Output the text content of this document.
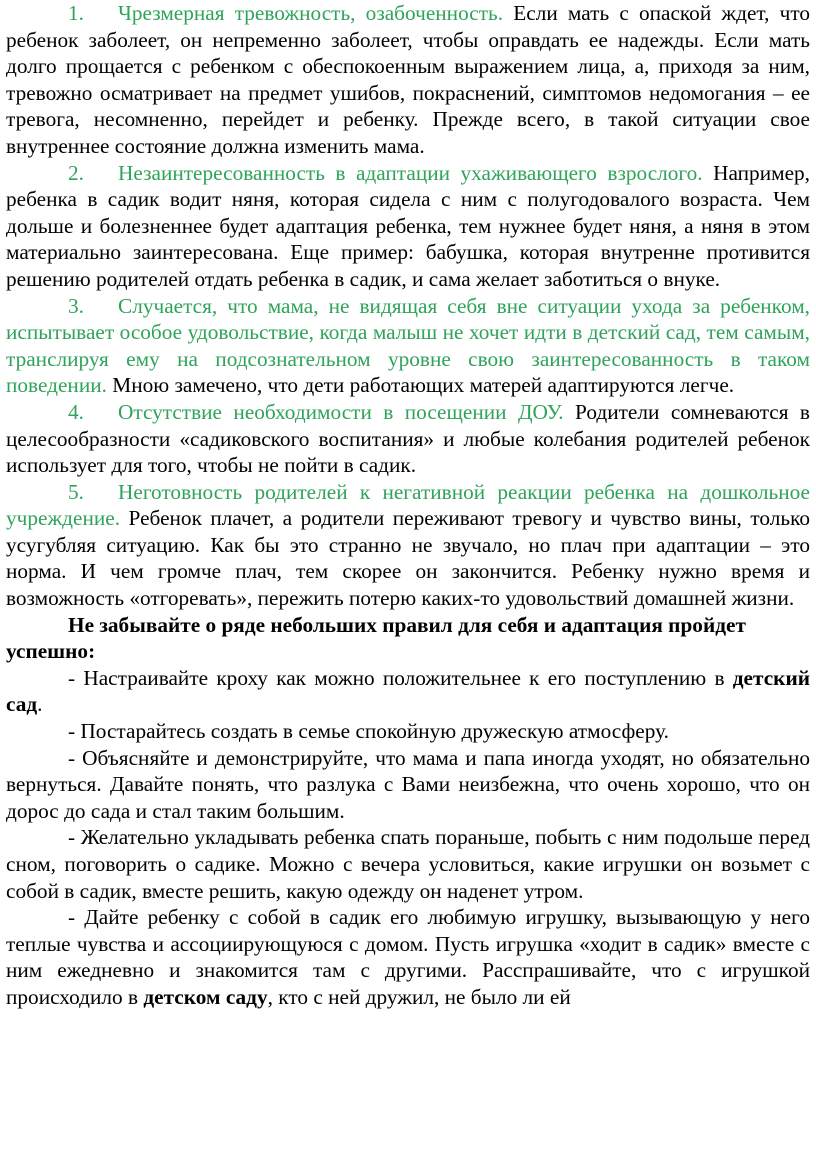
1. Чрезмерная тревожность, озабоченность. Если мать с опаской ждет, что ребенок заболеет, он непременно заболеет, чтобы оправдать ее надежды. Если мать долго прощается с ребенком с обеспокоенным выражением лица, а, приходя за ним, тревожно осматривает на предмет ушибов, покраснений, симптомов недомогания – ее тревога, несомненно, перейдет и ребенку. Прежде всего, в такой ситуации свое внутреннее состояние должна изменить мама.

2. Незаинтересованность в адаптации ухаживающего взрослого. Например, ребенка в садик водит няня, которая сидела с ним с полугодовалого возраста. Чем дольше и болезненнее будет адаптация ребенка, тем нужнее будет няня, а няня в этом материально заинтересована. Еще пример: бабушка, которая внутренне противится решению родителей отдать ребенка в садик, и сама желает заботиться о внуке.

3. Случается, что мама, не видящая себя вне ситуации ухода за ребенком, испытывает особое удовольствие, когда малыш не хочет идти в детский сад, тем самым, транслируя ему на подсознательном уровне свою заинтересованность в таком поведении. Мною замечено, что дети работающих матерей адаптируются легче.

4. Отсутствие необходимости в посещении ДОУ. Родители сомневаются в целесообразности «садиковского воспитания» и любые колебания родителей ребенок использует для того, чтобы не пойти в садик.

5. Неготовность родителей к негативной реакции ребенка на дошкольное учреждение. Ребенок плачет, а родители переживают тревогу и чувство вины, только усугубляя ситуацию. Как бы это странно не звучало, но плач при адаптации – это норма. И чем громче плач, тем скорее он закончится. Ребенку нужно время и возможность «отгоревать», пережить потерю каких-то удовольствий домашней жизни.

Не забывайте о ряде небольших правил для себя и адаптация пройдет успешно:

- Настраивайте кроху как можно положительнее к его поступлению в детский сад.

- Постарайтесь создать в семье спокойную дружескую атмосферу.

- Объясняйте и демонстрируйте, что мама и папа иногда уходят, но обязательно вернуться. Давайте понять, что разлука с Вами неизбежна, что очень хорошо, что он дорос до сада и стал таким большим.

- Желательно укладывать ребенка спать пораньше, побыть с ним подольше перед сном, поговорить о садике. Можно с вечера условиться, какие игрушки он возьмет с собой в садик, вместе решить, какую одежду он наденет утром.

- Дайте ребенку с собой в садик его любимую игрушку, вызывающую у него теплые чувства и ассоциирующуюся с домом. Пусть игрушка «ходит в садик» вместе с ним ежедневно и знакомится там с другими. Расспрашивайте, что с игрушкой происходило в детском саду, кто с ней дружил, не было ли ей
